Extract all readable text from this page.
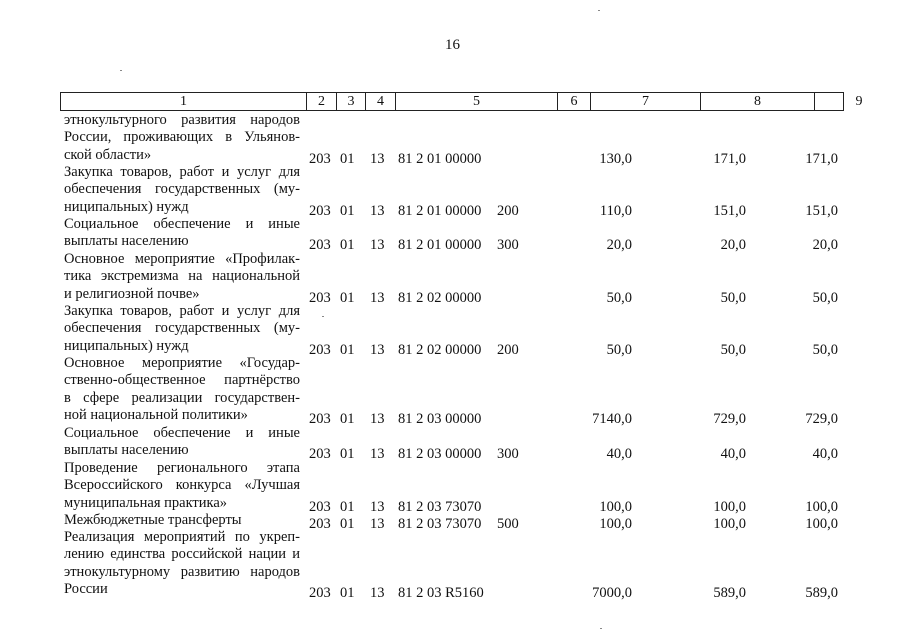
16
1	2	3	4	5	6	7	8	9
этнокультурного развития народов
России, проживающих в Ульянов-
ской области»	203 01 13 81 2 01 00000	130,0	171,0	171,0
Закупка товаров, работ и услуг для
обеспечения государственных (му-
ниципальных) нужд	203 01 13 81 2 01 00000 200	110,0	151,0	151,0
Социальное обеспечение и иные
выплаты населению	203 01 13 81 2 01 00000 300	20,0	20,0	20,0
Основное мероприятие «Профилак-
тика экстремизма на национальной
и религиозной почве»	203 01 13 81 2 02 00000	50,0	50,0	50,0
Закупка товаров, работ и услуг для
обеспечения государственных (му-
ниципальных) нужд	203 01 13 81 2 02 00000 200	50,0	50,0	50,0
Основное мероприятие «Государ-
ственно-общественное партнёрство
в сфере реализации государствен-
ной национальной политики»	203 01 13 81 2 03 00000	7140,0	729,0	729,0
Социальное обеспечение и иные
выплаты населению	203 01 13 81 2 03 00000 300	40,0	40,0	40,0
Проведение регионального этапа
Всероссийского конкурса «Лучшая
муниципальная практика»	203 01 13 81 2 03 73070	100,0	100,0	100,0
Межбюджетные трансферты	203 01 13 81 2 03 73070 500	100,0	100,0	100,0
Реализация мероприятий по укреп-
лению единства российской нации и
этнокультурному развитию народов
России	203 01 13 81 2 03 R5160	7000,0	589,0	589,0
